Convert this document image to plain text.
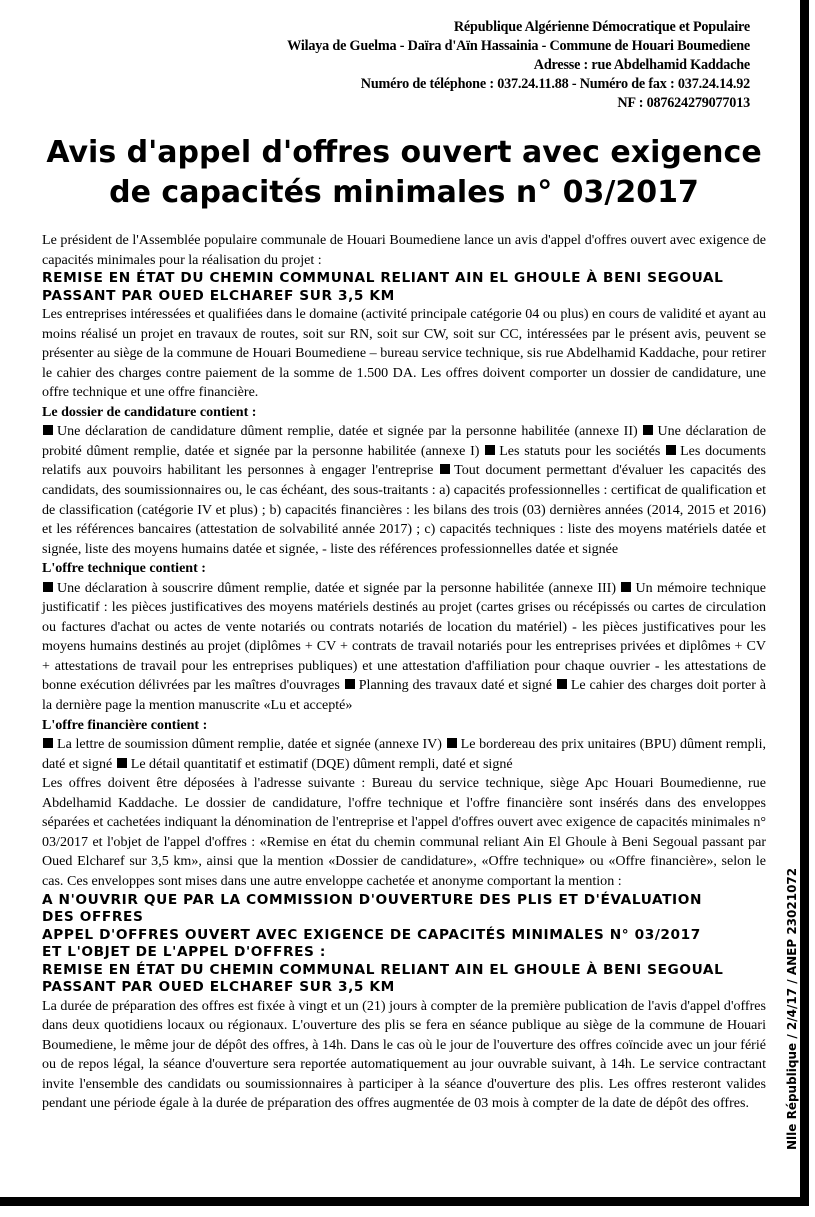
République Algérienne Démocratique et Populaire
Wilaya de Guelma - Daïra d'Aïn Hassainia - Commune de Houari Boumediene
Adresse : rue Abdelhamid Kaddache
Numéro de téléphone : 037.24.11.88 - Numéro de fax : 037.24.14.92
NF : 087624279077013
Avis d'appel d'offres ouvert avec exigence
de capacités minimales n° 03/2017

Le président de l'Assemblée populaire communale de Houari Boumediene lance un avis d'appel d'offres ouvert avec exigence de capacités minimales pour la réalisation du projet :

REMISE EN ÉTAT DU CHEMIN COMMUNAL RELIANT AIN EL GHOULE À BENI SEGOUAL
PASSANT PAR OUED ELCHAREF SUR 3,5 KM

Les entreprises intéressées et qualifiées dans le domaine (activité principale catégorie 04 ou plus) en cours de validité et ayant au moins réalisé un projet en travaux de routes, soit sur RN, soit sur CW, soit sur CC, intéressées par le présent avis, peuvent se présenter au siège de la commune de Houari Boumediene – bureau service technique, sis rue Abdelhamid Kaddache, pour retirer le cahier des charges contre paiement de la somme de 1.500 DA. Les offres doivent comporter un dossier de candidature, une offre technique et une offre financière.

Le dossier de candidature contient :

Une déclaration de candidature dûment remplie, datée et signée par la personne habilitée (annexe II) Une déclaration de probité dûment remplie, datée et signée par la personne habilitée (annexe I) Les statuts pour les sociétés Les documents relatifs aux pouvoirs habilitant les personnes à engager l'entreprise Tout document permettant d'évaluer les capacités des candidats, des soumissionnaires ou, le cas échéant, des sous-traitants : a) capacités professionnelles : certificat de qualification et de classification (catégorie IV et plus) ; b) capacités financières : les bilans des trois (03) dernières années (2014, 2015 et 2016) et les références bancaires (attestation de solvabilité année 2017) ; c) capacités techniques : liste des moyens matériels datée et signée, liste des moyens humains datée et signée, - liste des références professionnelles datée et signée

L'offre technique contient :

Une déclaration à souscrire dûment remplie, datée et signée par la personne habilitée (annexe III) Un mémoire technique justificatif : les pièces justificatives des moyens matériels destinés au projet (cartes grises ou récépissés ou cartes de circulation ou factures d'achat ou actes de vente notariés ou contrats notariés de location du matériel) - les pièces justificatives pour les moyens humains destinés au projet (diplômes + CV + contrats de travail notariés pour les entreprises privées et diplômes + CV + attestations de travail pour les entreprises publiques) et une attestation d'affiliation pour chaque ouvrier - les attestations de bonne exécution délivrées par les maîtres d'ouvrages Planning des travaux daté et signé Le cahier des charges doit porter à la dernière page la mention manuscrite «Lu et accepté»

L'offre financière contient :

La lettre de soumission dûment remplie, datée et signée (annexe IV) Le bordereau des prix unitaires (BPU) dûment rempli, daté et signé Le détail quantitatif et estimatif (DQE) dûment rempli, daté et signé

Les offres doivent être déposées à l'adresse suivante : Bureau du service technique, siège Apc Houari Boumedienne, rue Abdelhamid Kaddache. Le dossier de candidature, l'offre technique et l'offre financière sont insérés dans des enveloppes séparées et cachetées indiquant la dénomination de l'entreprise et l'appel d'offres ouvert avec exigence de capacités minimales n° 03/2017 et l'objet de l'appel d'offres : «Remise en état du chemin communal reliant Ain El Ghoule à Beni Segoual passant par Oued Elcharef sur 3,5 km», ainsi que la mention «Dossier de candidature», «Offre technique» ou «Offre financière», selon le cas. Ces enveloppes sont mises dans une autre enveloppe cachetée et anonyme comportant la mention :

A N'OUVRIR QUE PAR LA COMMISSION D'OUVERTURE DES PLIS ET D'ÉVALUATION
DES OFFRES
APPEL D'OFFRES OUVERT AVEC EXIGENCE DE CAPACITÉS MINIMALES N° 03/2017
ET L'OBJET DE L'APPEL D'OFFRES :
REMISE EN ÉTAT DU CHEMIN COMMUNAL RELIANT AIN EL GHOULE À BENI SEGOUAL
PASSANT PAR OUED ELCHAREF SUR 3,5 KM

La durée de préparation des offres est fixée à vingt et un (21) jours à compter de la première publication de l'avis d'appel d'offres dans deux quotidiens locaux ou régionaux. L'ouverture des plis se fera en séance publique au siège de la commune de Houari Boumediene, le même jour de dépôt des offres, à 14h. Dans le cas où le jour de l'ouverture des offres coïncide avec un jour férié ou de repos légal, la séance d'ouverture sera reportée automatiquement au jour ouvrable suivant, à 14h. Le service contractant invite l'ensemble des candidats ou soumissionnaires à participer à la séance d'ouverture des plis. Les offres resteront valides pendant une période égale à la durée de préparation des offres augmentée de 03 mois à compter de la date de dépôt des offres.	Nlle République / 2/4/17 / ANEP 23021072
